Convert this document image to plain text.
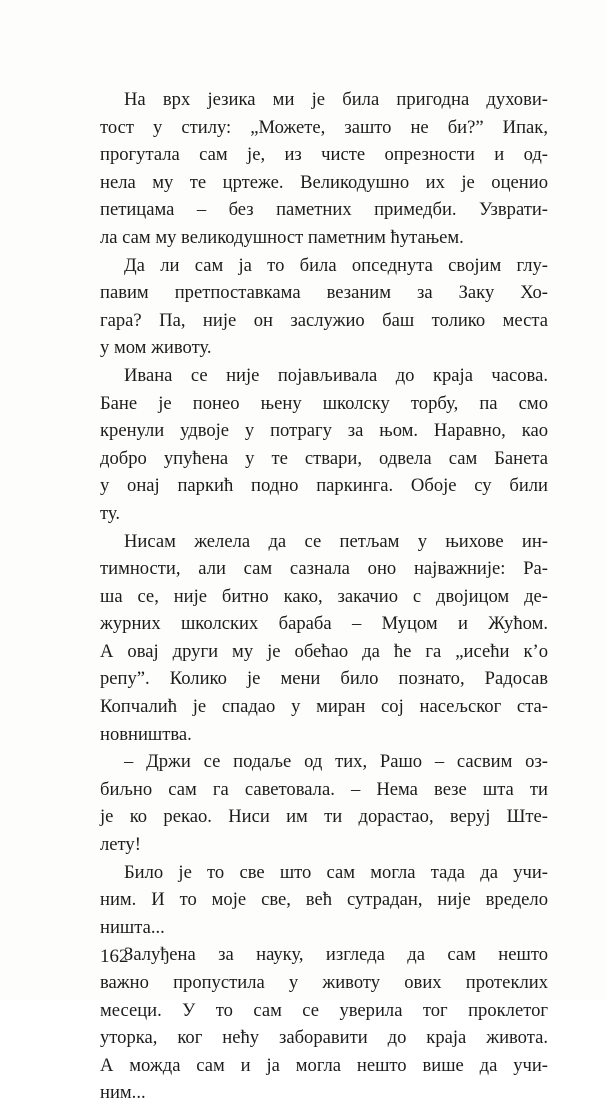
На врх језика ми је била пригодна духови-
тост у стилу: „Можете, зашто не би?” Ипак,
прогутала сам је, из чисте опрезности и од-
нела му те цртеже. Великодушно их је оценио
петицама – без паметних примедби. Узврати-
ла сам му великодушност паметним ћутањем.
Да ли сам ја то била опседнута својим глу-
павим претпоставкама везаним за Заку Хо-
гара? Па, није он заслужио баш толико места
у мом животу.
Ивана се није појављивала до краја часова.
Бане је понео њену школску торбу, па смо
кренули удвоје у потрагу за њом. Наравно, као
добро упућена у те ствари, одвела сам Банета
у онај паркић подно паркинга. Обоје су били
ту.
Нисам желела да се петљам у њихове ин-
тимности, али сам сазнала оно најважније: Ра-
ша се, није битно како, закачио с двојицом де-
журних школских бараба – Муцом и Жућом.
А овај други му је обећао да ће га „исећи к’о
репу”. Колико је мени било познато, Радосав
Копчалић је спадао у миран сој насељског ста-
новништва.
– Држи се подаље од тих, Рашо – сасвим оз-
биљно сам га саветовала. – Нема везе шта ти
је ко рекао. Ниси им ти дорастао, веруј Ште-
лету!
Било је то све што сам могла тада да учи-
ним. И то моје све, већ сутрадан, није вредело
ништа...
Залуђена за науку, изгледа да сам нешто
важно пропустила у животу ових протеклих
месеци. У то сам се уверила тог проклетог
уторка, ког нећу заборавити до краја живота.
А можда сам и ја могла нешто више да учи-
ним...
162
